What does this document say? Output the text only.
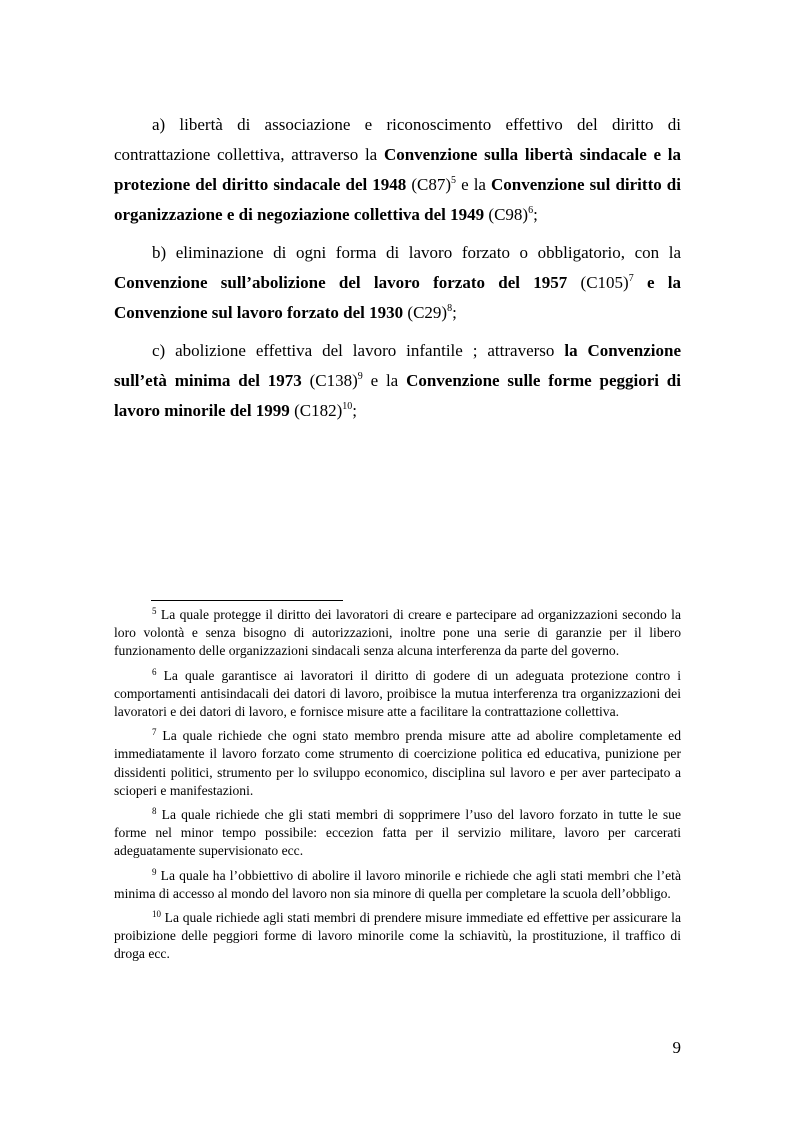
a) libertà di associazione e riconoscimento effettivo del diritto di contrattazione collettiva, attraverso la Convenzione sulla libertà sindacale e la protezione del diritto sindacale del 1948 $(C87)^5$ e la Convenzione sul diritto di organizzazione e di negoziazione collettiva del 1949 $(C98)^6$;

b) eliminazione di ogni forma di lavoro forzato o obbligatorio, con la Convenzione sull’abolizione del lavoro forzato del 1957 $(C105)^7$ e la Convenzione sul lavoro forzato del 1930 $(C29)^8$;

c) abolizione effettiva del lavoro infantile ; attraverso la Convenzione sull’età minima del 1973 $(C138)^9$ e la Convenzione sulle forme peggiori di lavoro minorile del 1999 $(C182)^{10}$;

$^5$ La quale protegge il diritto dei lavoratori di creare e partecipare ad organizzazioni secondo la loro volontà e senza bisogno di autorizzazioni, inoltre pone una serie di garanzie per il libero funzionamento delle organizzazioni sindacali senza alcuna interferenza da parte del governo.

$^6$ La quale garantisce ai lavoratori il diritto di godere di un adeguata protezione contro i comportamenti antisindacali dei datori di lavoro, proibisce la mutua interferenza tra organizzazioni dei lavoratori e dei datori di lavoro, e fornisce misure atte a facilitare la contrattazione collettiva.

$^7$ La quale richiede che ogni stato membro prenda misure atte ad abolire completamente ed immediatamente il lavoro forzato come strumento di coercizione politica ed educativa, punizione per dissidenti politici, strumento per lo sviluppo economico, disciplina sul lavoro e per aver partecipato a scioperi e manifestazioni.

$^8$ La quale richiede che gli stati membri di sopprimere l’uso del lavoro forzato in tutte le sue forme nel minor tempo possibile: eccezion fatta per il servizio militare, lavoro per carcerati adeguatamente supervisionato ecc.

$^9$ La quale ha l’obbiettivo di abolire il lavoro minorile e richiede che agli stati membri che l’età minima di accesso al mondo del lavoro non sia minore di quella per completare la scuola dell’obbligo.

$^{10}$ La quale richiede agli stati membri di prendere misure immediate ed effettive per assicurare la proibizione delle peggiori forme di lavoro minorile come la schiavitù, la prostituzione, il traffico di droga ecc.

9
